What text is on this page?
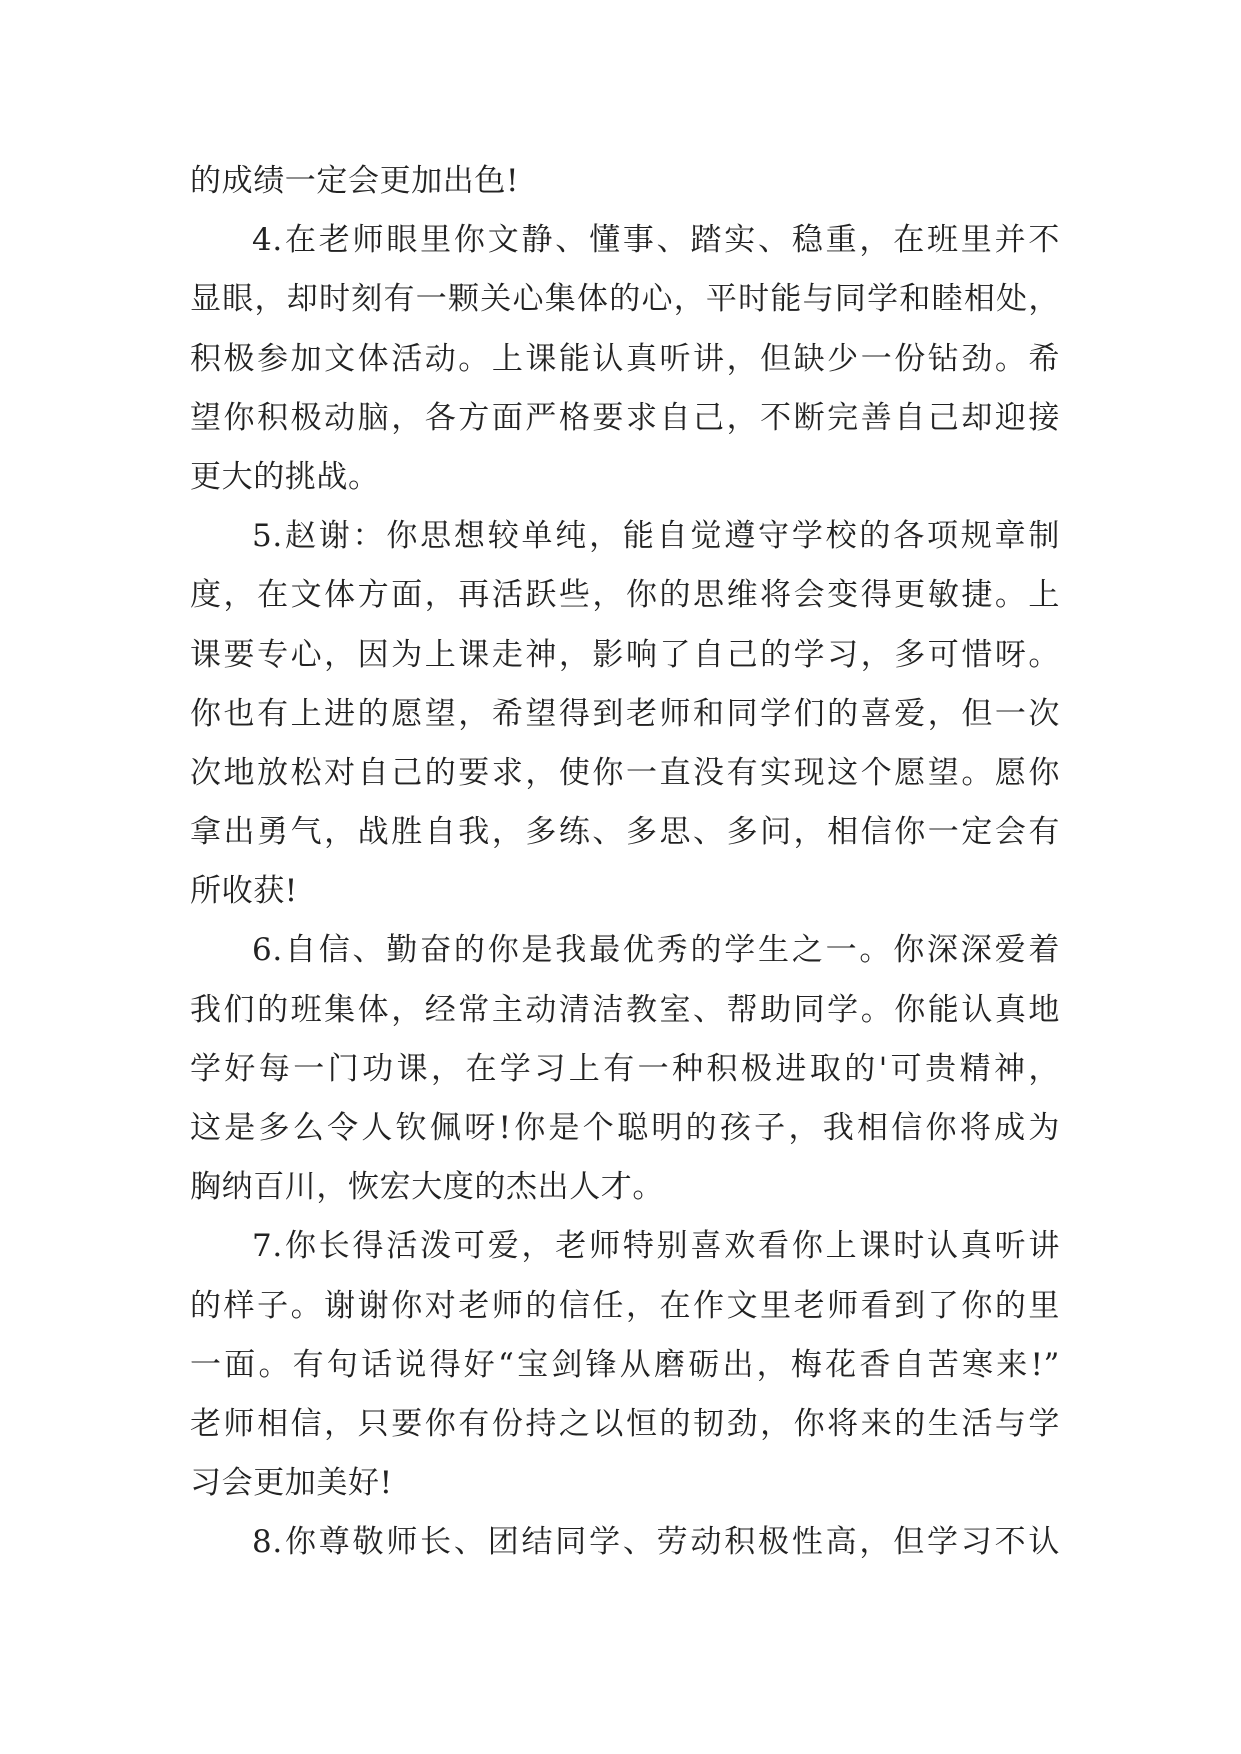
的成绩一定会更加出色!
4.在老师眼里你文静、懂事、踏实、稳重，在班里并不
显眼，却时刻有一颗关心集体的心，平时能与同学和睦相处，
积极参加文体活动。上课能认真听讲，但缺少一份钻劲。希
望你积极动脑，各方面严格要求自己，不断完善自己却迎接
更大的挑战。
5.赵谢：你思想较单纯，能自觉遵守学校的各项规章制
度，在文体方面，再活跃些，你的思维将会变得更敏捷。上
课要专心，因为上课走神，影响了自己的学习，多可惜呀。
你也有上进的愿望，希望得到老师和同学们的喜爱，但一次
次地放松对自己的要求，使你一直没有实现这个愿望。愿你
拿出勇气，战胜自我，多练、多思、多问，相信你一定会有
所收获!
6.自信、勤奋的你是我最优秀的学生之一。你深深爱着
我们的班集体，经常主动清洁教室、帮助同学。你能认真地
学好每一门功课，在学习上有一种积极进取的'可贵精神，
这是多么令人钦佩呀!你是个聪明的孩子，我相信你将成为
胸纳百川，恢宏大度的杰出人才。
7.你长得活泼可爱，老师特别喜欢看你上课时认真听讲
的样子。谢谢你对老师的信任，在作文里老师看到了你的里
一面。有句话说得好“宝剑锋从磨砺出，梅花香自苦寒来!”
老师相信，只要你有份持之以恒的韧劲，你将来的生活与学
习会更加美好!
8.你尊敬师长、团结同学、劳动积极性高，但学习不认
